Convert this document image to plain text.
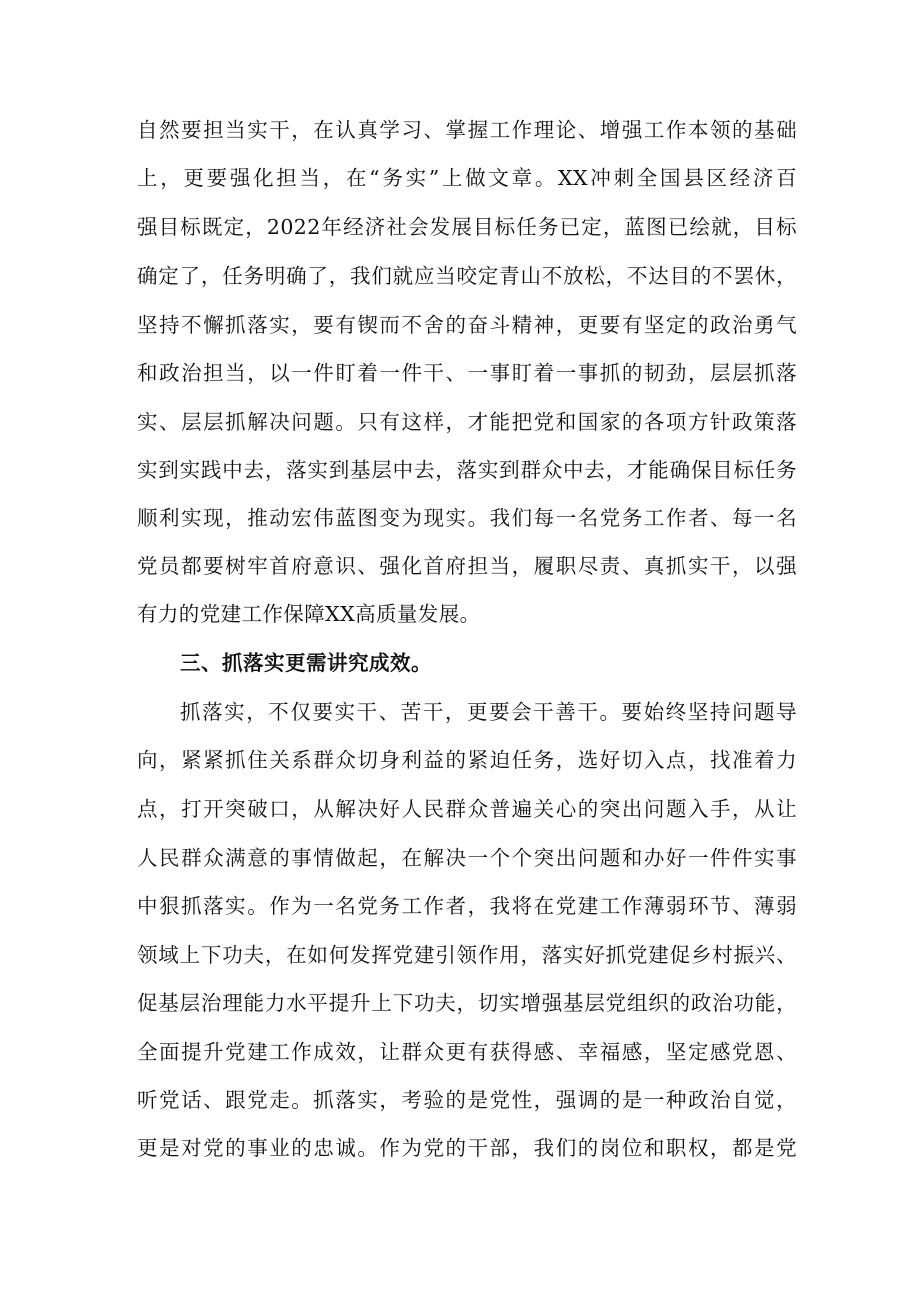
自然要担当实干，在认真学习、掌握工作理论、增强工作本领的基础
上，更要强化担当，在“务实”上做文章。XX冲刺全国县区经济百
强目标既定，2022年经济社会发展目标任务已定，蓝图已绘就，目标
确定了，任务明确了，我们就应当咬定青山不放松，不达目的不罢休，
坚持不懈抓落实，要有锲而不舍的奋斗精神，更要有坚定的政治勇气
和政治担当，以一件盯着一件干、一事盯着一事抓的韧劲，层层抓落
实、层层抓解决问题。只有这样，才能把党和国家的各项方针政策落
实到实践中去，落实到基层中去，落实到群众中去，才能确保目标任务
顺利实现，推动宏伟蓝图变为现实。我们每一名党务工作者、每一名
党员都要树牢首府意识、强化首府担当，履职尽责、真抓实干，以强
有力的党建工作保障XX高质量发展。
三、抓落实更需讲究成效。
抓落实，不仅要实干、苦干，更要会干善干。要始终坚持问题导
向，紧紧抓住关系群众切身利益的紧迫任务，选好切入点，找准着力
点，打开突破口，从解决好人民群众普遍关心的突出问题入手，从让
人民群众满意的事情做起，在解决一个个突出问题和办好一件件实事
中狠抓落实。作为一名党务工作者，我将在党建工作薄弱环节、薄弱
领域上下功夫，在如何发挥党建引领作用，落实好抓党建促乡村振兴、
促基层治理能力水平提升上下功夫，切实增强基层党组织的政治功能，
全面提升党建工作成效，让群众更有获得感、幸福感，坚定感党恩、
听党话、跟党走。抓落实，考验的是党性，强调的是一种政治自觉，
更是对党的事业的忠诚。作为党的干部，我们的岗位和职权，都是党
